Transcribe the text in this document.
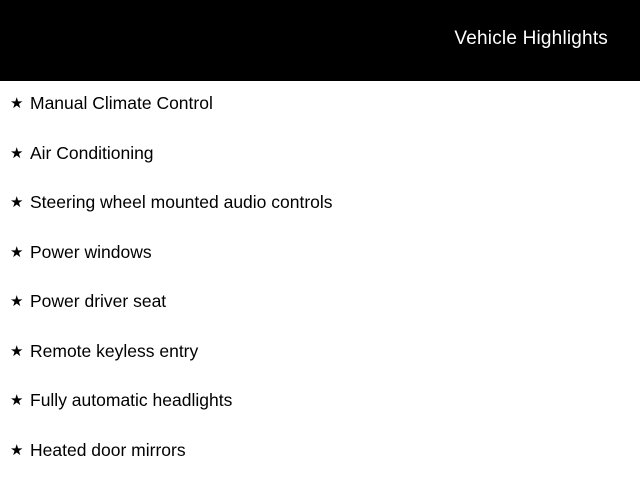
Vehicle Highlights
★ Manual Climate Control
★ Air Conditioning
★ Steering wheel mounted audio controls
★ Power windows
★ Power driver seat
★ Remote keyless entry
★ Fully automatic headlights
★ Heated door mirrors
